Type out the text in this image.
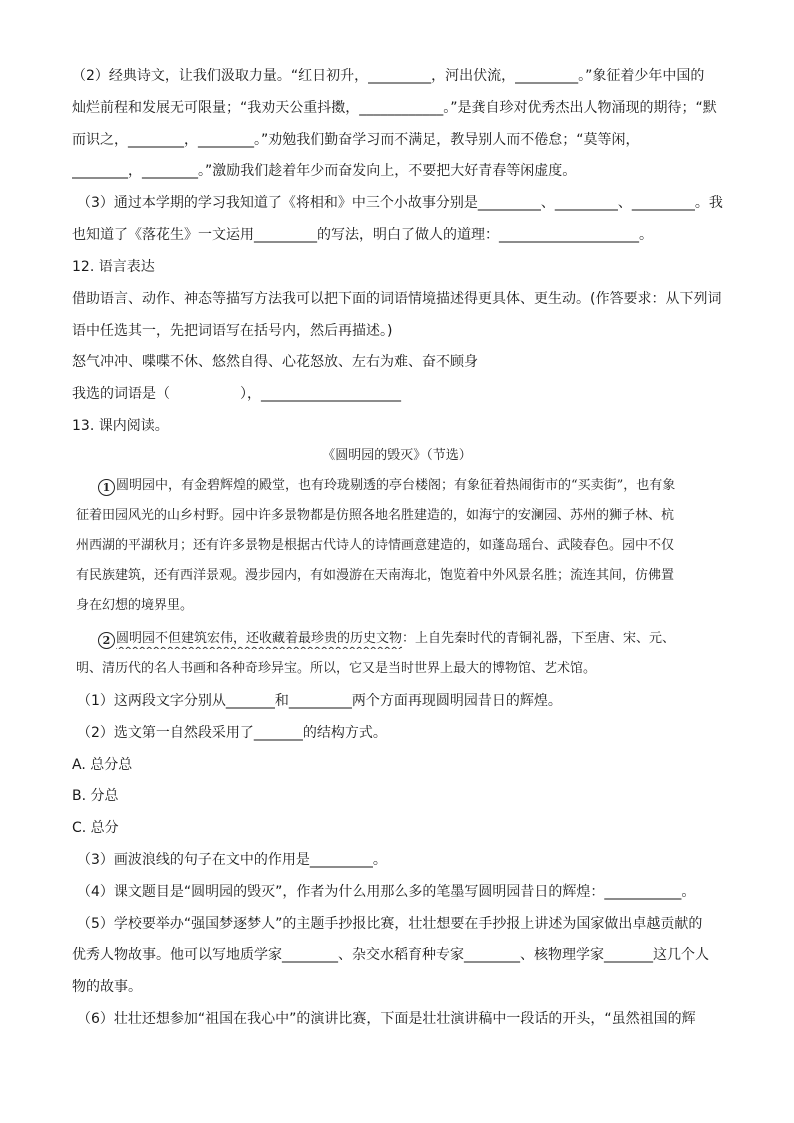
（2）经典诗文，让我们汲取力量。“红日初升，_________，河出伏流，_________。”象征着少年中国的
灿烂前程和发展无可限量；“我劝天公重抖擞，____________。”是龚自珍对优秀杰出人物涌现的期待；“默
而识之，________，________。”劝勉我们勤奋学习而不满足，教导别人而不倦怠；“莫等闲，
________，________。”激励我们趁着年少而奋发向上，不要把大好青春等闲虚度。
（3）通过本学期的学习我知道了《将相和》中三个小故事分别是_________、_________、_________。我
也知道了《落花生》一文运用_________的写法，明白了做人的道理：____________________。
12. 语言表达
借助语言、动作、神态等描写方法我可以把下面的词语情境描述得更具体、更生动。(作答要求：从下列词
语中任选其一，先把词语写在括号内，然后再描述。)
怒气冲冲、喋喋不休、悠然自得、心花怒放、左右为难、奋不顾身
我选的词语是（　　　　　），____________________
13. 课内阅读。
《圆明园的毁灭》（节选）
1 圆明园中，有金碧辉煌的殿堂，也有玲珑剔透的亭台楼阁；有象征着热闹街市的“买卖街”，也有象
征着田园风光的山乡村野。园中许多景物都是仿照各地名胜建造的，如海宁的安澜园、苏州的狮子林、杭
州西湖的平湖秋月；还有许多景物是根据古代诗人的诗情画意建造的，如蓬岛瑶台、武陵春色。园中不仅
有民族建筑，还有西洋景观。漫步园内，有如漫游在天南海北，饱览着中外风景名胜；流连其间，仿佛置
身在幻想的境界里。
2 圆明园不但建筑宏伟，还收藏着最珍贵的历史文物：上自先秦时代的青铜礼器，下至唐、宋、元、
明、清历代的名人书画和各种奇珍异宝。所以，它又是当时世界上最大的博物馆、艺术馆。
（1）这两段文字分别从_______和_________两个方面再现圆明园昔日的辉煌。
（2）选文第一自然段采用了_______的结构方式。
A. 总分总
B. 分总
C. 总分
（3）画波浪线的句子在文中的作用是_________。
（4）课文题目是“圆明园的毁灭”，作者为什么用那么多的笔墨写圆明园昔日的辉煌：___________。
（5）学校要举办“强国梦逐梦人”的主题手抄报比赛，壮壮想要在手抄报上讲述为国家做出卓越贡献的
优秀人物故事。他可以写地质学家________、杂交水稻育种专家________、核物理学家_______这几个人
物的故事。
（6）壮壮还想参加“祖国在我心中”的演讲比赛，下面是壮壮演讲稿中一段话的开头，“虽然祖国的辉
